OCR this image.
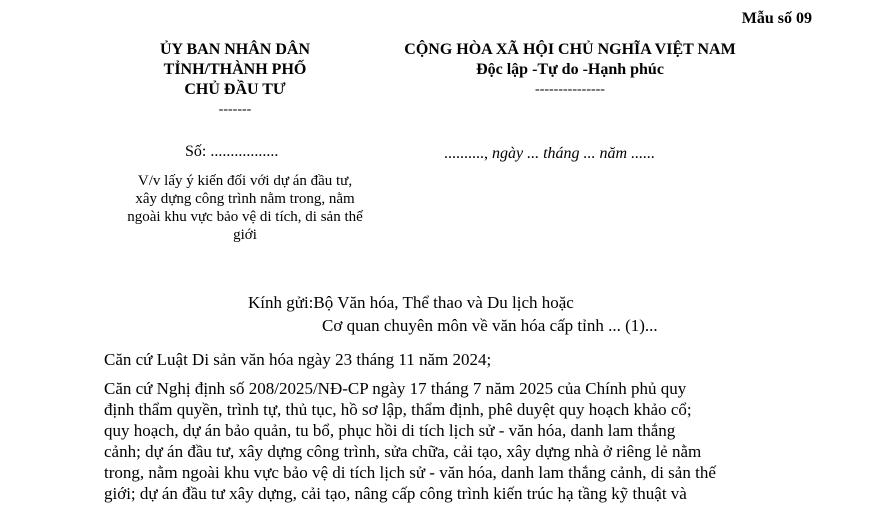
Mẫu số 09
ỦY BAN NHÂN DÂN
TỈNH/THÀNH PHỐ
CHỦ ĐẦU TƯ
-------
CỘNG HÒA XÃ HỘI CHỦ NGHĨA VIỆT NAM
Độc lập -Tự do -Hạnh phúc
---------------
Số: .................	.........., ngày ... tháng ... năm ......
V/v lấy ý kiến đối với dự án đầu tư,
xây dựng công trình nằm trong, nằm
ngoài khu vực bảo vệ di tích, di sản thế
giới
Kính gửi:Bộ Văn hóa, Thể thao và Du lịch hoặc
Cơ quan chuyên môn về văn hóa cấp tỉnh ... (1)...
Căn cứ Luật Di sản văn hóa ngày 23 tháng 11 năm 2024;
Căn cứ Nghị định số 208/2025/NĐ-CP ngày 17 tháng 7 năm 2025 của Chính phủ quy
định thẩm quyền, trình tự, thủ tục, hồ sơ lập, thẩm định, phê duyệt quy hoạch khảo cổ;
quy hoạch, dự án bảo quản, tu bổ, phục hồi di tích lịch sử - văn hóa, danh lam thắng
cảnh; dự án đầu tư, xây dựng công trình, sửa chữa, cải tạo, xây dựng nhà ở riêng lẻ nằm
trong, nằm ngoài khu vực bảo vệ di tích lịch sử - văn hóa, danh lam thắng cảnh, di sản thế
giới; dự án đầu tư xây dựng, cải tạo, nâng cấp công trình kiến trúc hạ tầng kỹ thuật và
